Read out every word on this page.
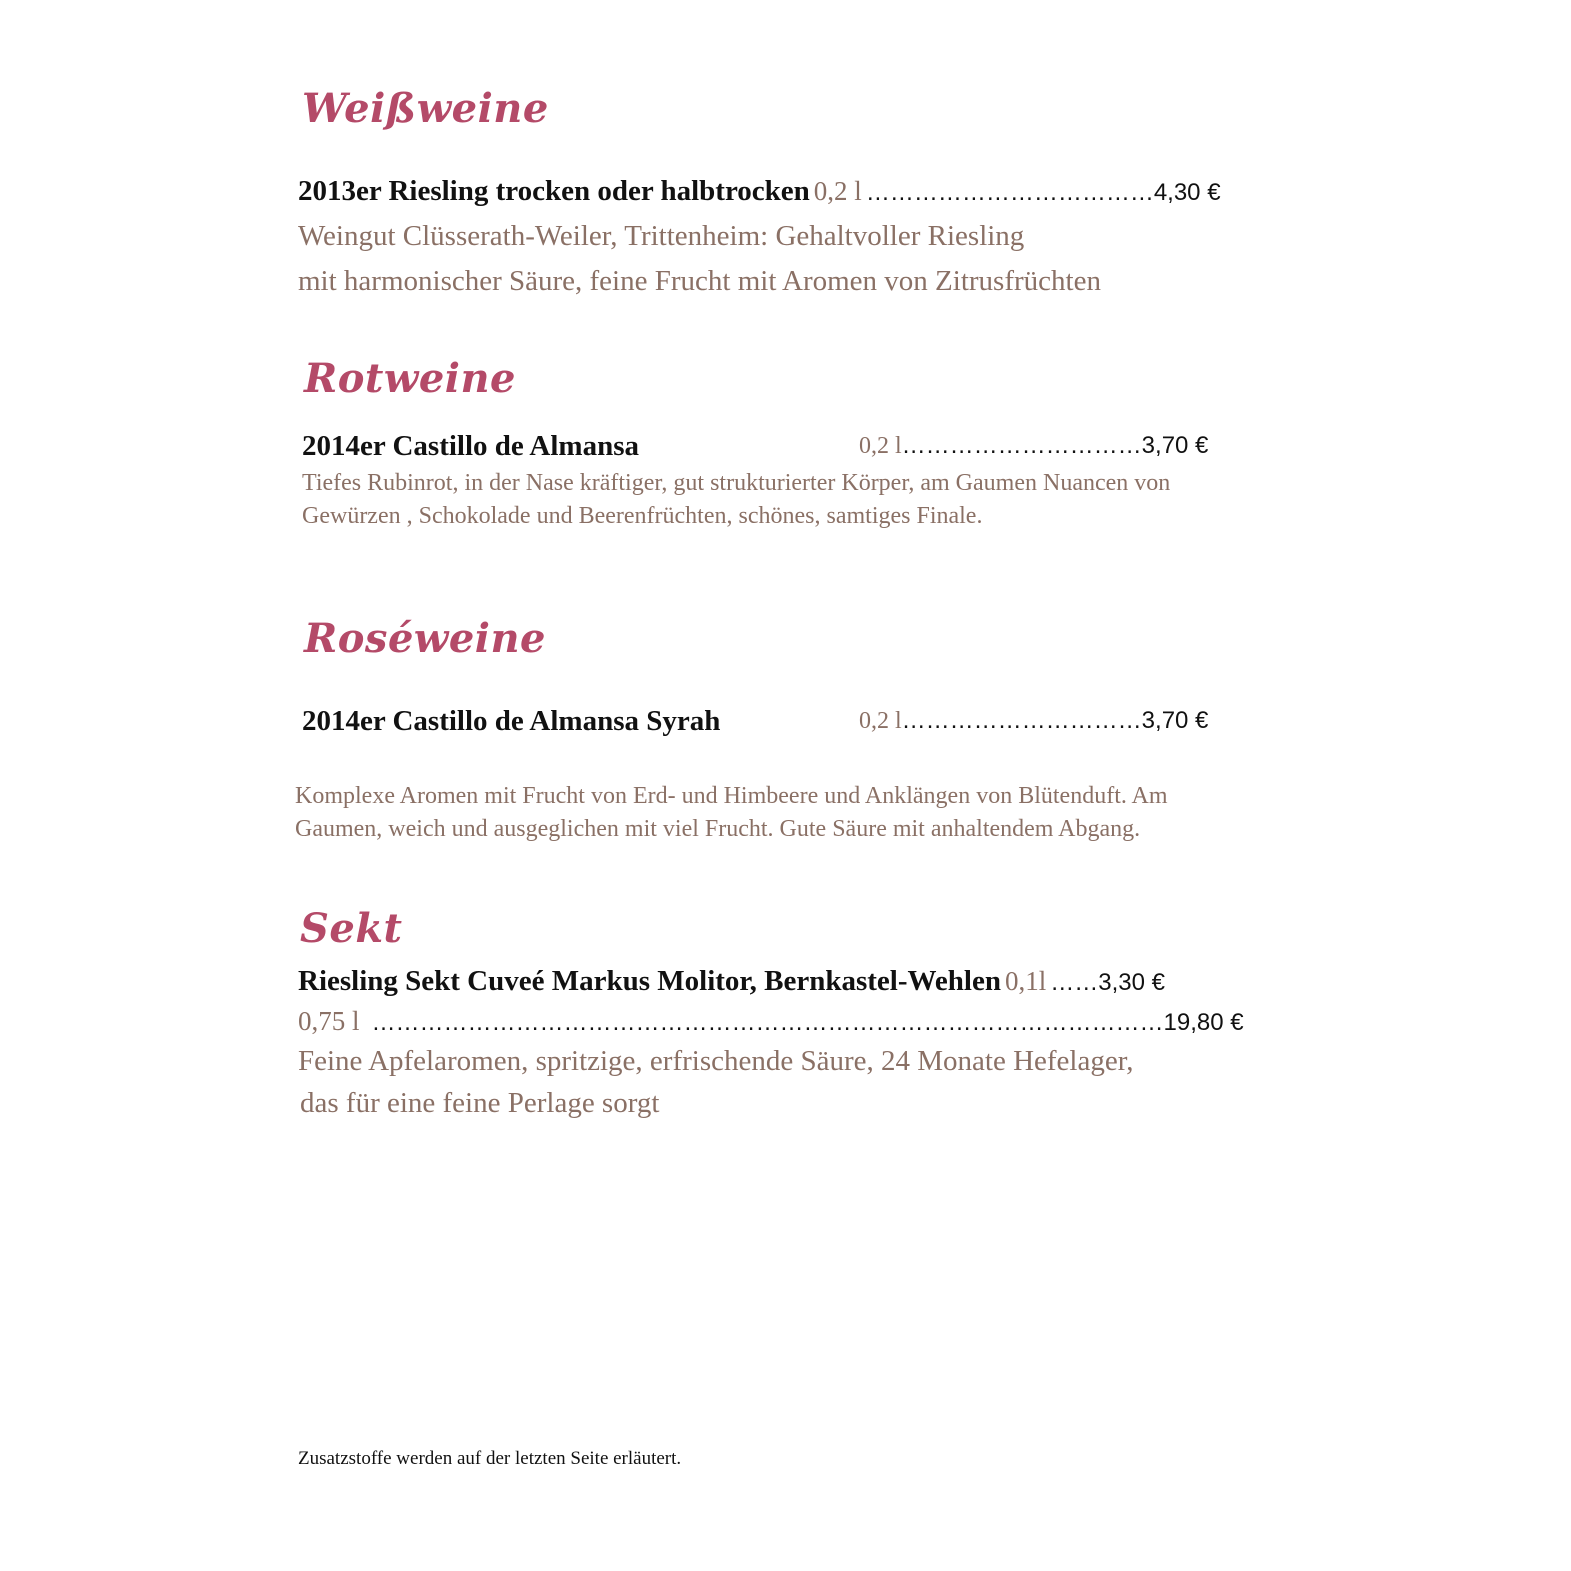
Weißweine
2013er Riesling trocken oder halbtrocken 0,2 l ………………………………4,30 €
Weingut Clüsserath-Weiler, Trittenheim: Gehaltvoller Riesling
mit harmonischer Säure, feine Frucht mit Aromen von Zitrusfrüchten
Rotweine
2014er Castillo de Almansa	0,2 l…………………………3,70 €
Tiefes Rubinrot, in der Nase kräftiger, gut strukturierter Körper, am Gaumen Nuancen von
Gewürzen , Schokolade und Beerenfrüchten, schönes, samtiges Finale.
Roséweine
2014er Castillo de Almansa Syrah	0,2 l…………………………3,70 €
Komplexe Aromen mit Frucht von Erd- und Himbeere und Anklängen von Blütenduft. Am
Gaumen, weich und ausgeglichen mit viel Frucht. Gute Säure mit anhaltendem Abgang.
Sekt
Riesling Sekt Cuveé Markus Molitor, Bernkastel-Wehlen 0,1l ……3,30 €
0,75 l ………………………………………………………………………………………19,80 €
Feine Apfelaromen, spritzige, erfrischende Säure, 24 Monate Hefelager,
das für eine feine Perlage sorgt
Zusatzstoffe werden auf der letzten Seite erläutert.
